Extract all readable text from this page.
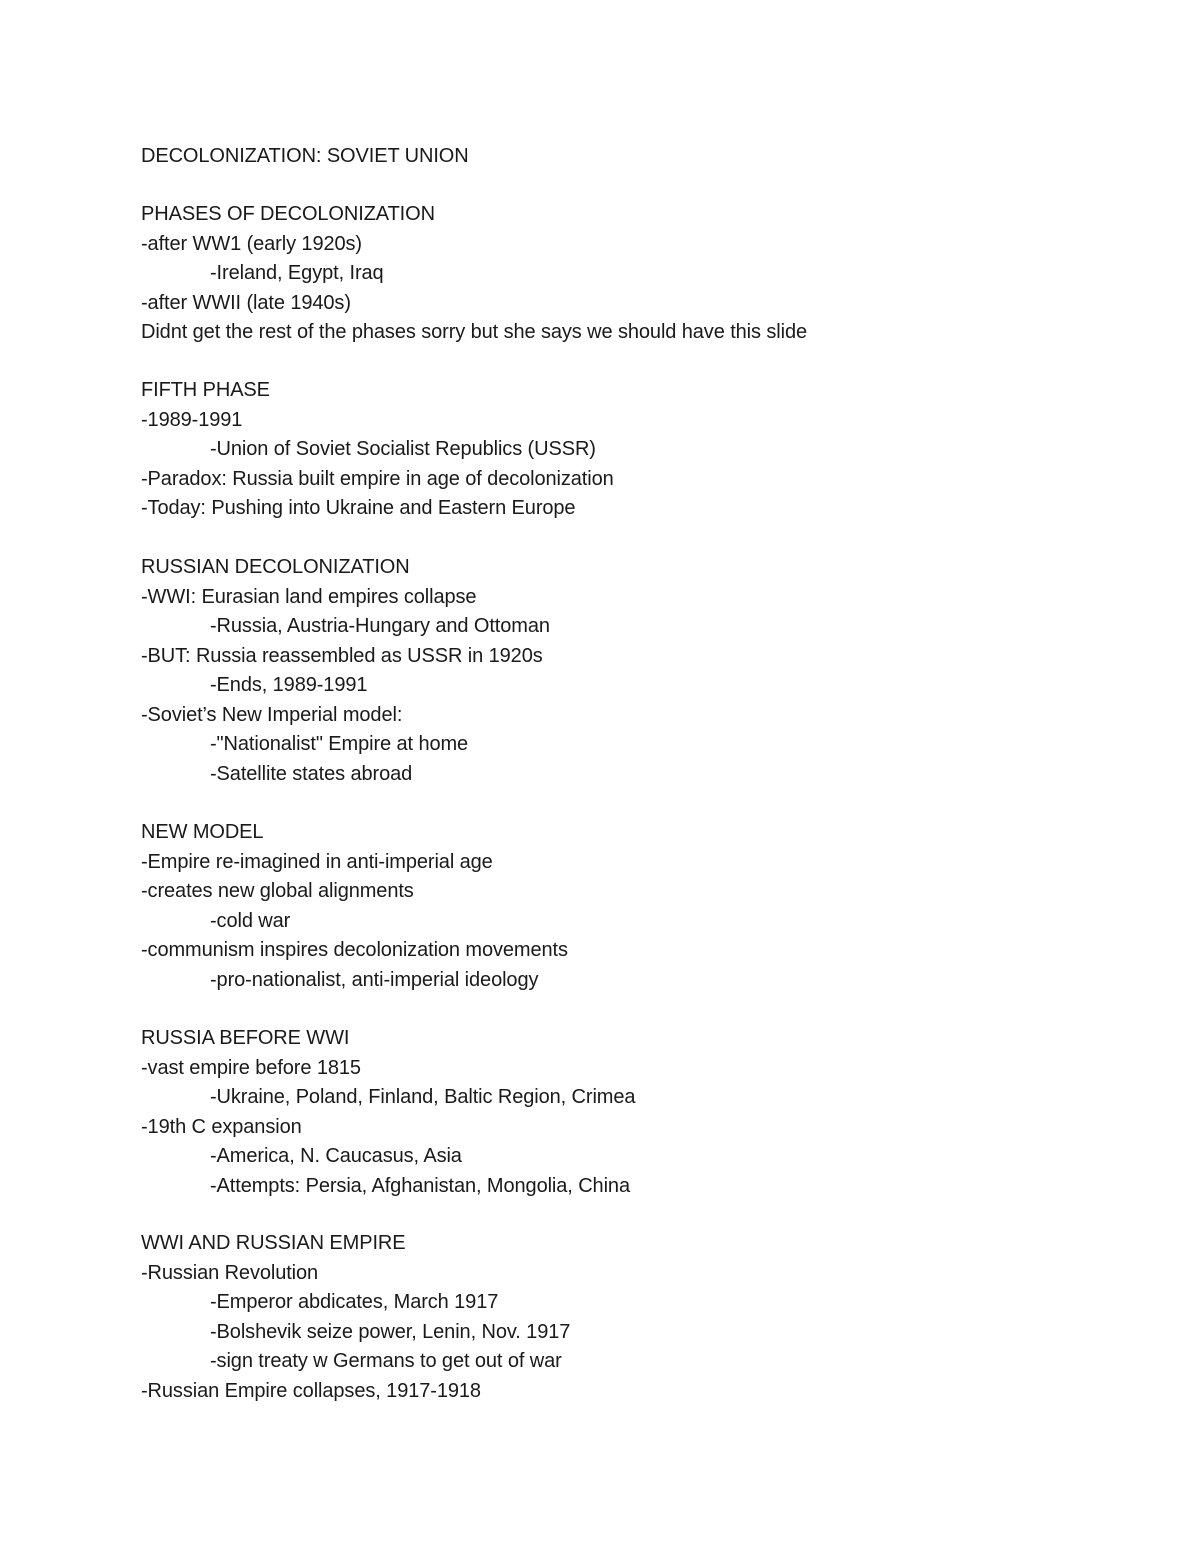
DECOLONIZATION: SOVIET UNION
PHASES OF DECOLONIZATION

-after WW1 (early 1920s)

-Ireland, Egypt, Iraq

-after WWII (late 1940s)

Didnt get the rest of the phases sorry but she says we should have this slide

FIFTH PHASE

-1989-1991

-Union of Soviet Socialist Republics (USSR)

-Paradox: Russia built empire in age of decolonization

-Today: Pushing into Ukraine and Eastern Europe

RUSSIAN DECOLONIZATION

-WWI: Eurasian land empires collapse

-Russia, Austria-Hungary and Ottoman

-BUT: Russia reassembled as USSR in 1920s

-Ends, 1989-1991

-Soviet’s New Imperial model:

-"Nationalist" Empire at home

-Satellite states abroad

NEW MODEL

-Empire re-imagined in anti-imperial age

-creates new global alignments

-cold war

-communism inspires decolonization movements

-pro-nationalist, anti-imperial ideology

RUSSIA BEFORE WWI

-vast empire before 1815

-Ukraine, Poland, Finland, Baltic Region, Crimea

-19th C expansion

-America, N. Caucasus, Asia

-Attempts: Persia, Afghanistan, Mongolia, China

WWI AND RUSSIAN EMPIRE

-Russian Revolution

-Emperor abdicates, March 1917

-Bolshevik seize power, Lenin, Nov. 1917

-sign treaty w Germans to get out of war

-Russian Empire collapses, 1917-1918
